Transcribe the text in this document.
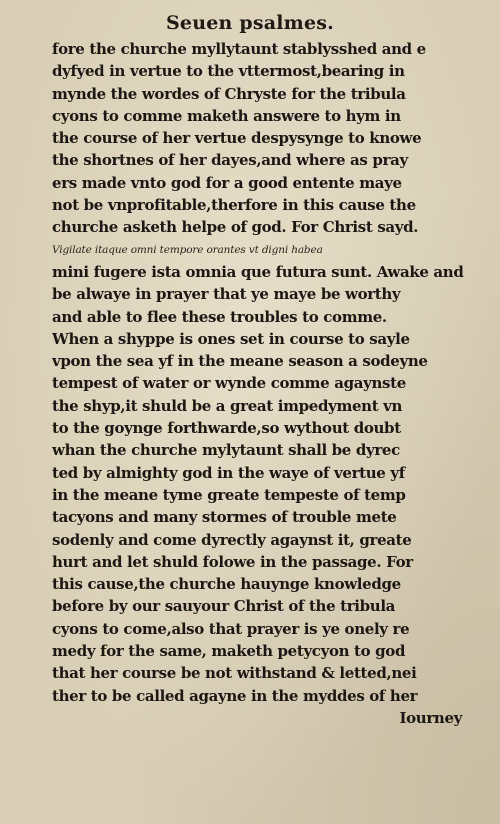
Seuen psalmes.
fore the churche myllytaunt stablysshed and e
dyfyed in vertue to the vttermost,bearing in
mynde the wordes of Chryste for the tribula
cyons to comme maketh answere to hym in
the course of her vertue despysynge to knowe
the shortnes of her dayes,and where as pray
ers made vnto god for a good entente maye
not be vnprofitable,therfore in this cause the
churche asketh helpe of god. For Christ sayd.
Vigilate itaque omni tempore orantes vt digni habea
mini fugere ista omnia que futura sunt. Awake and
be alwaye in prayer that ye maye be worthy
and able to flee these troubles to comme.
When a shyppe is ones set in course to sayle
vpon the sea yf in the meane season a sodeyne
tempest of water or wynde comme agaynste
the shyp,it shuld be a great impedyment vn
to the goynge forthwarde,so wythout doubt
whan the churche mylytaunt shall be dyrec
ted by almighty god in the waye of vertue yf
in the meane tyme greate tempeste of temp
tacyons and many stormes of trouble mete
sodenly and come dyrectly agaynst it, greate
hurt and let shuld folowe in the passage. For
this cause,the churche hauynge knowledge
before by our sauyour Christ of the tribula
cyons to come,also that prayer is ye onely re
medy for the same, maketh petycyon to god
that her course be not withstand & letted,nei
ther to be called agayne in the myddes of her
Iourney
